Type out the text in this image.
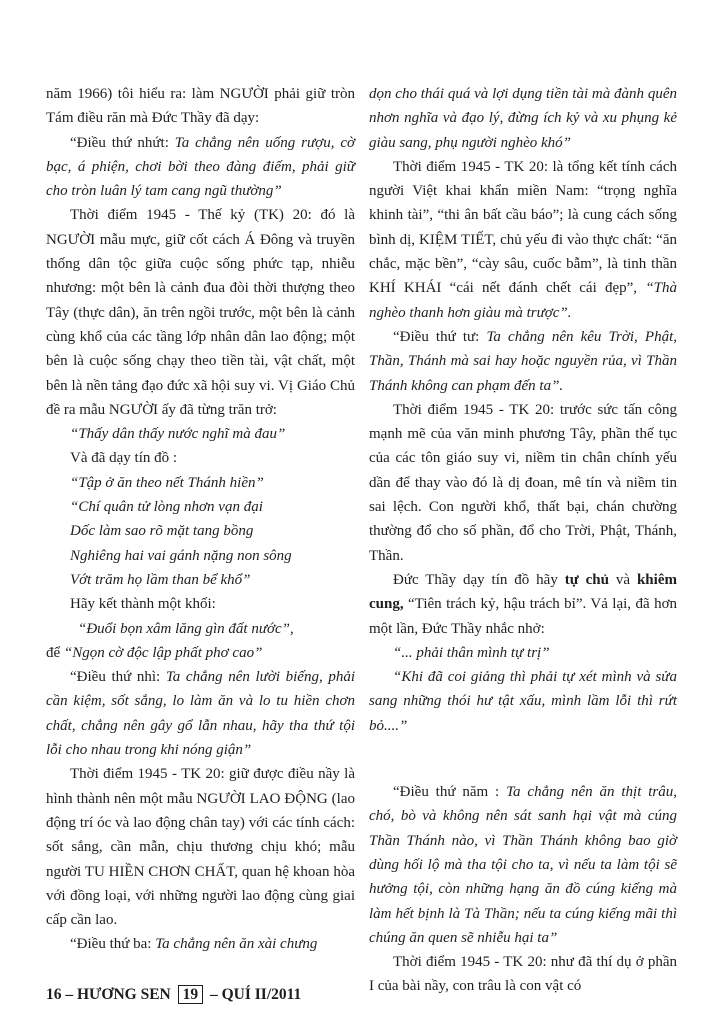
năm 1966) tôi hiểu ra: làm NGƯỜI phải giữ tròn Tám điều răn mà Đức Thầy đã dạy:

“Điều thứ nhứt: Ta chẳng nên uống rượu, cờ bạc, á phiện, chơi bời theo đàng điếm, phải giữ cho tròn luân lý tam cang ngũ thường”

Thời điểm 1945 - Thế kỷ (TK) 20: đó là NGƯỜI mẫu mực, giữ cốt cách Á Đông và truyền thống dân tộc giữa cuộc sống phức tạp, nhiễu nhương: một bên là cảnh đua đòi thời thượng theo Tây (thực dân), ăn trên ngồi trước, một bên là cảnh cùng khổ của các tầng lớp nhân dân lao động; một bên là cuộc sống chạy theo tiền tài, vật chất, một bên là nền tảng đạo đức xã hội suy vi. Vị Giáo Chủ đề ra mẫu NGƯỜI ấy đã từng trăn trở:

“Thấy dân thấy nước nghĩ mà đau”

Và đã dạy tín đồ :

“Tập ở ăn theo nết Thánh hiền”

“Chí quân tử lòng nhơn vạn đại

Dốc làm sao rõ mặt tang bồng

Nghiêng hai vai gánh nặng non sông

Vớt trăm họ lầm than bể khổ”

Hãy kết thành một khối:

“Đuổi bọn xâm lăng gìn đất nước”,

để “Ngọn cờ độc lập phất phơ cao”

“Điều thứ nhì: Ta chẳng nên lười biếng, phải cần kiệm, sốt sắng, lo làm ăn và lo tu hiền chơn chất, chẳng nên gây gổ lẫn nhau, hãy tha thứ tội lỗi cho nhau trong khi nóng giận”

Thời điểm 1945 - TK 20: giữ được điều nầy là hình thành nên một mẫu NGƯỜI LAO ĐỘNG (lao động trí óc và lao động chân tay) với các tính cách: sốt sắng, cần mẫn, chịu thương chịu khó; mẫu người TU HIỀN CHƠN CHẤT, quan hệ khoan hòa với đồng loại, với những người lao động cùng giai cấp cần lao.

“Điều thứ ba: Ta chẳng nên ăn xài chưng

dọn cho thái quá và lợi dụng tiền tài mà đành quên nhơn nghĩa và đạo lý, đừng ích kỷ và xu phụng kẻ giàu sang, phụ người nghèo khó”

Thời điểm 1945 - TK 20: là tổng kết tính cách người Việt khai khẩn miền Nam: “trọng nghĩa khinh tài”, “thi ân bất cầu báo”; là cung cách sống bình dị, KIỆM TIẾT, chủ yếu đi vào thực chất: “ăn chắc, mặc bền”, “cày sâu, cuốc bẫm”, là tinh thần KHÍ KHÁI “cái nết đánh chết cái đẹp”, “Thà nghèo thanh hơn giàu mà trược”.

“Điều thứ tư: Ta chẳng nên kêu Trời, Phật, Thần, Thánh mà sai hay hoặc nguyền rủa, vì Thần Thánh không can phạm đến ta”.

Thời điểm 1945 - TK 20: trước sức tấn công mạnh mẽ của văn minh phương Tây, phần thế tục của các tôn giáo suy vi, niềm tin chân chính yếu dần để thay vào đó là dị đoan, mê tín và niềm tin sai lệch. Con người khổ, thất bại, chán chường thường đổ cho số phần, đổ cho Trời, Phật, Thánh, Thần.

Đức Thầy dạy tín đồ hãy tự chủ và khiêm cung, “Tiên trách kỷ, hậu trách bỉ”. Vả lại, đã hơn một lần, Đức Thầy nhắc nhở:

“... phải thân mình tự trị”

“Khi đã coi giảng thì phải tự xét mình và sửa sang những thói hư tật xấu, mình lầm lỗi thì rứt bỏ....”

“Điều thứ năm : Ta chẳng nên ăn thịt trâu, chó, bò và không nên sát sanh hại vật mà cúng Thần Thánh nào, vì Thần Thánh không bao giờ dùng hối lộ mà tha tội cho ta, vì nếu ta làm tội sẽ hưởng tội, còn những hạng ăn đồ cúng kiếng mà làm hết bịnh là Tà Thần; nếu ta cúng kiếng mãi thì chúng ăn quen sẽ nhiễu hại ta”

Thời điểm 1945 - TK 20: như đã thí dụ ở phần I của bài nầy, con trâu là con vật có

16 – HƯƠNG SEN 19 – QUÍ II/2011
